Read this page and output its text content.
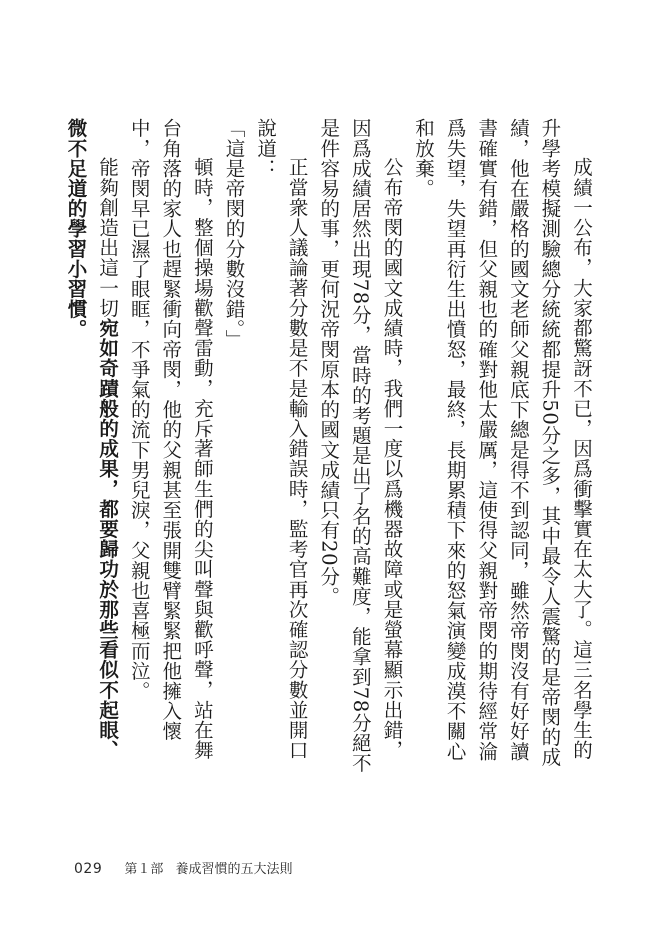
成績一公布，大家都驚訝不已，因爲衝擊實在太大了。這三名學生的升學考模擬測驗總分統統都提升50分之多，其中最令人震驚的是帝閔的成績，他在嚴格的國文老師父親底下總是得不到認同，雖然帝閔沒有好好讀書確實有錯，但父親也的確對他太嚴厲，這使得父親對帝閔的期待經常淪爲失望，失望再衍生出憤怒，最終，長期累積下來的怒氣演變成漠不關心和放棄。

公布帝閔的國文成績時，我們一度以爲機器故障或是螢幕顯示出錯，因爲成績居然出現78分，當時的考題是出了名的高難度，能拿到78分絕不是件容易的事，更何況帝閔原本的國文成績只有20分。

正當衆人議論著分數是不是輸入錯誤時，監考官再次確認分數並開口說道：

「這是帝閔的分數沒錯。」

頓時，整個操場歡聲雷動，充斥著師生們的尖叫聲與歡呼聲，站在舞台角落的家人也趕緊衝向帝閔，他的父親甚至張開雙臂緊緊把他擁入懷中，帝閔早已濕了眼眶，不爭氣的流下男兒淚，父親也喜極而泣。

能夠創造出這一切宛如奇蹟般的成果，都要歸功於那些看似不起眼、微不足道的學習小習慣。

029 第１部 養成習慣的五大法則
